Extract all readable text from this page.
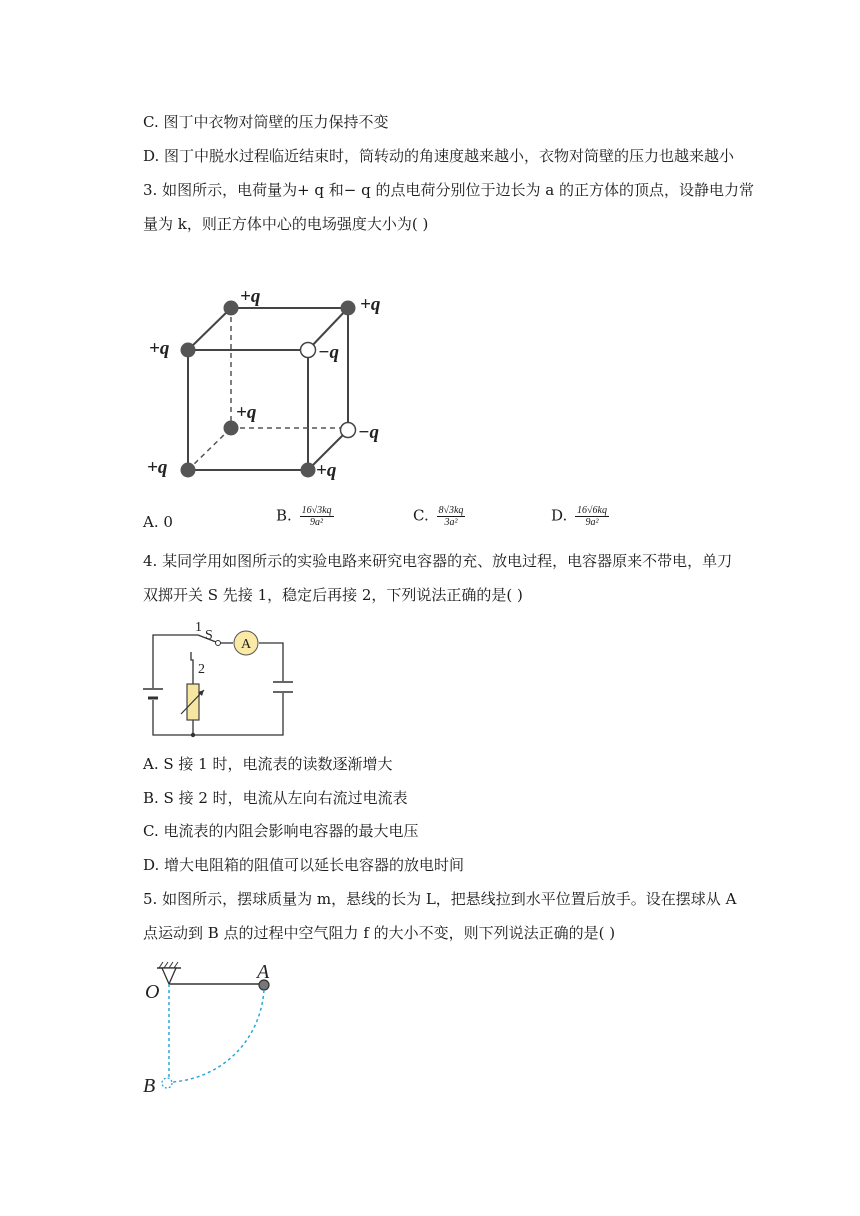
C. 图丁中衣物对筒壁的压力保持不变
D. 图丁中脱水过程临近结束时，筒转动的角速度越来越小，衣物对筒壁的压力也越来越小
3. 如图所示，电荷量为+ q 和− q 的点电荷分别位于边长为 a 的正方体的顶点，设静电力常
量为 k，则正方体中心的电场强度大小为( )
+q	+q
+q	−q
+q
−q
+q	+q
A. 0	B. $\frac{16√3kq}{\text{9a²}}$	C. $\frac{8√3kq}{\text{3a²}}$	D. $\frac{16√6kq}{\text{9a²}}$
4. 某同学用如图所示的实验电路来研究电容器的充、放电过程，电容器原来不带电，单刀
双掷开关 S 先接 1，稳定后再接 2，下列说法正确的是( )
A
1
S
2
A. S 接 1 时，电流表的读数逐渐增大
B. S 接 2 时，电流从左向右流过电流表
C. 电流表的内阻会影响电容器的最大电压
D. 增大电阻箱的阻值可以延长电容器的放电时间
5. 如图所示，摆球质量为 m，悬线的长为 L，把悬线拉到水平位置后放手。设在摆球从 A
点运动到 B 点的过程中空气阻力 f 的大小不变，则下列说法正确的是( )
O
A
B
